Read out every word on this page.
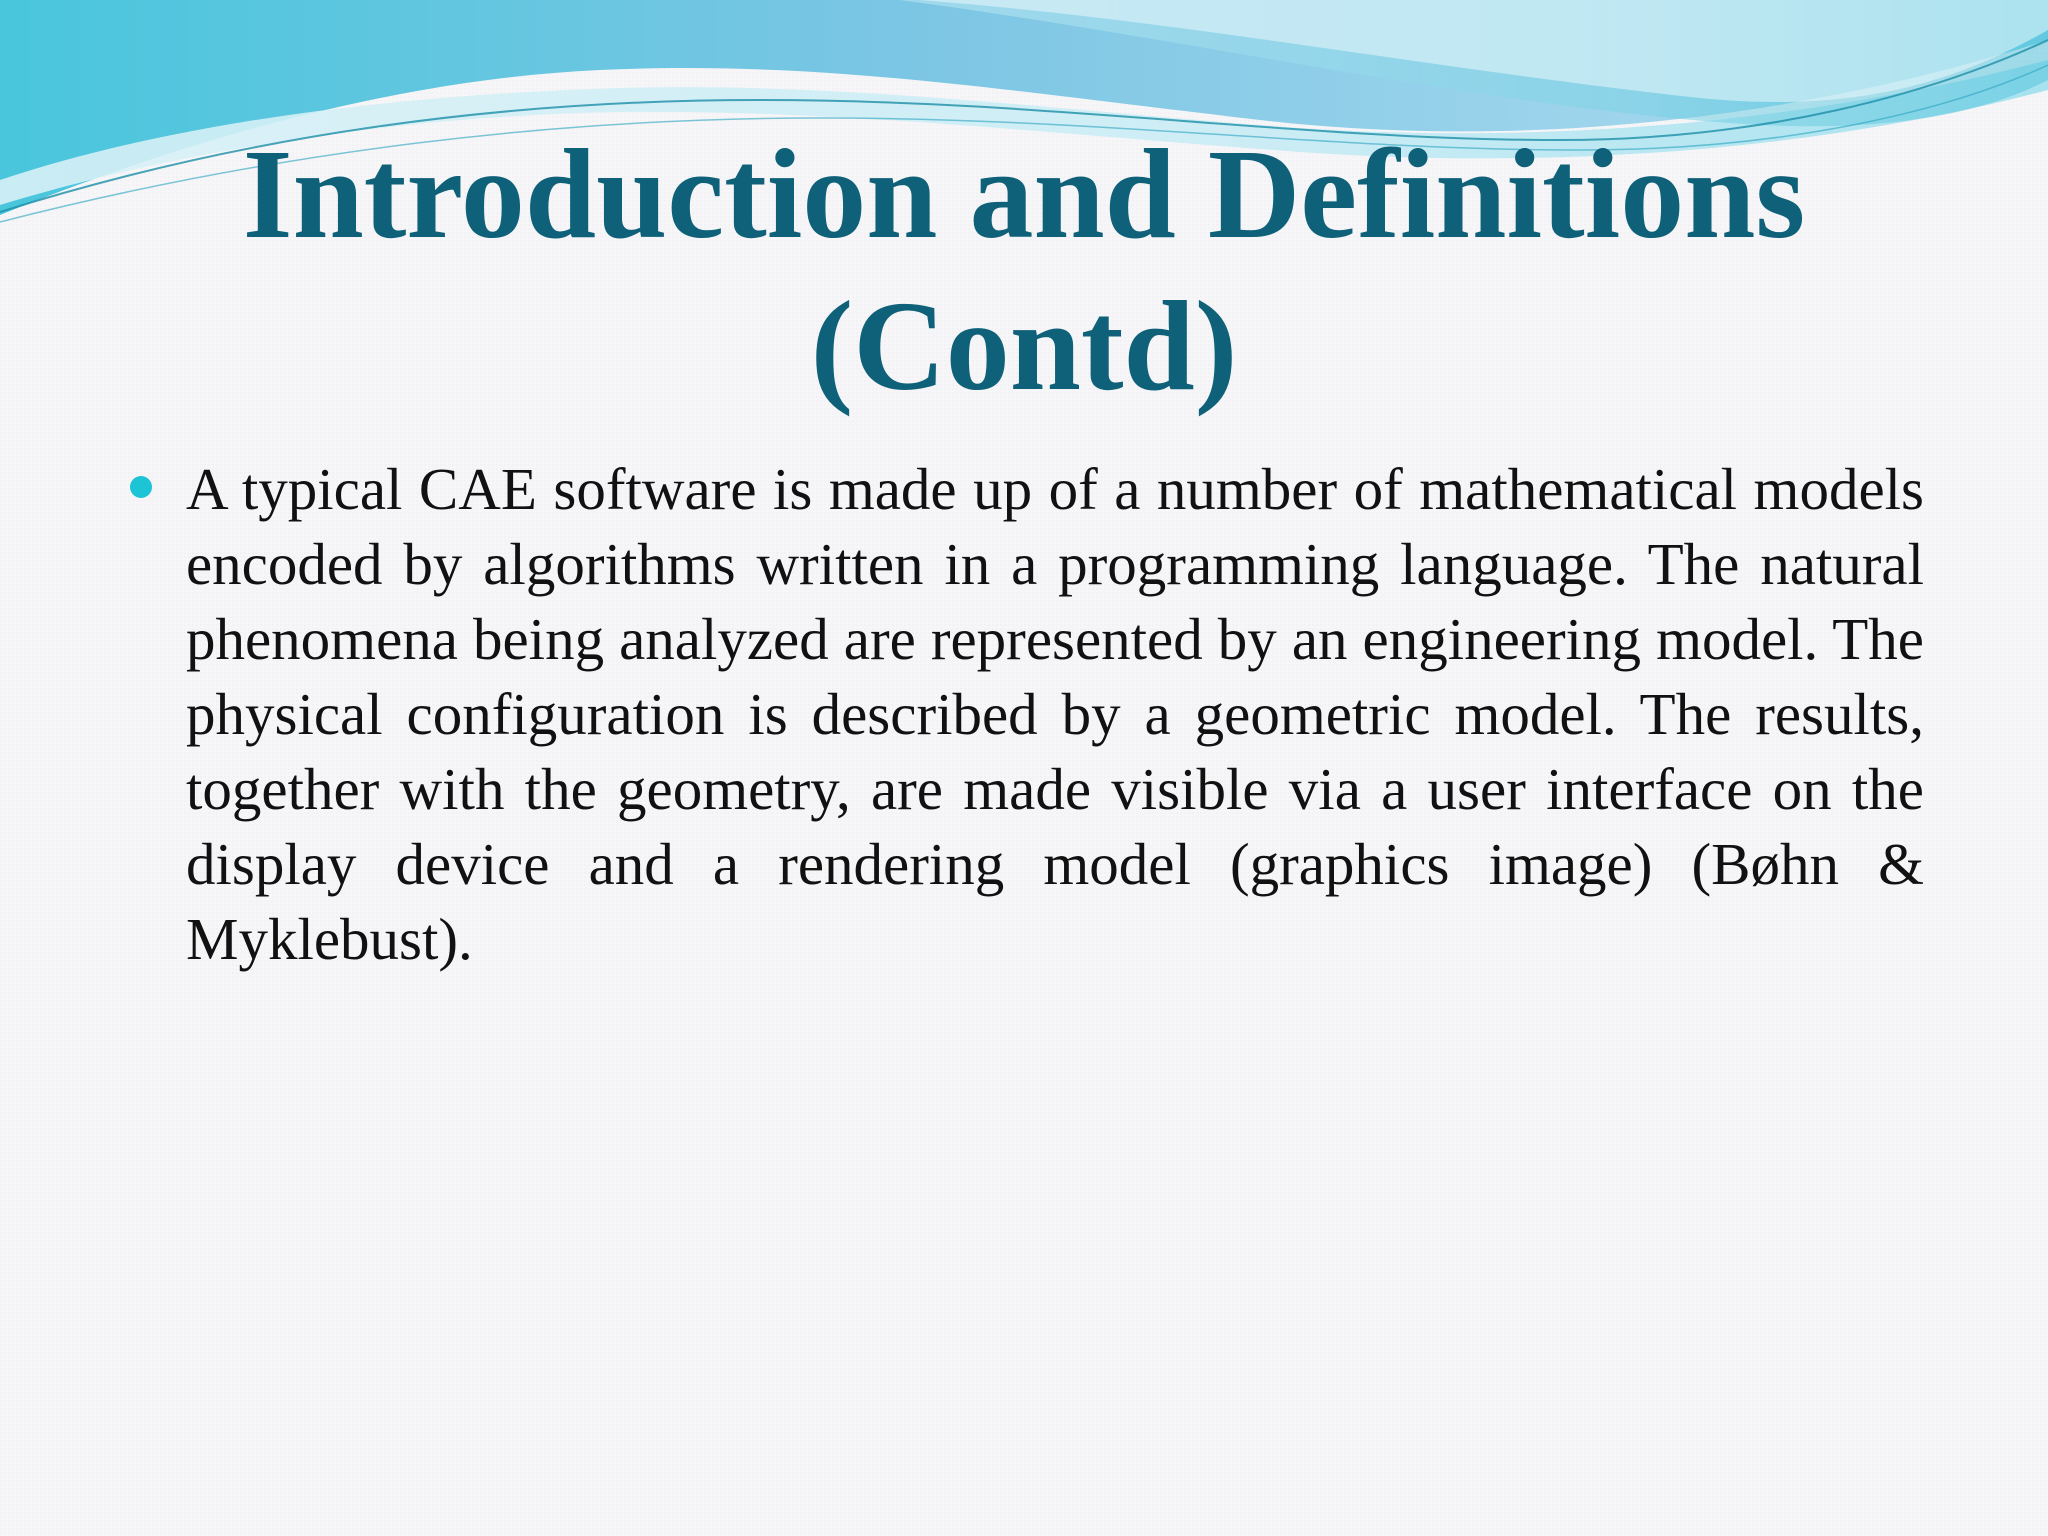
Introduction and Definitions
(Contd)

A typical CAE software is made up of a number of mathematical models encoded by algorithms written in a programming language. The natural phenomena being analyzed are represented by an engineering model. The physical configuration is described by a geometric model. The results, together with the geometry, are made visible via a user interface on the display device and a rendering model (graphics image) (Bøhn & Myklebust).
